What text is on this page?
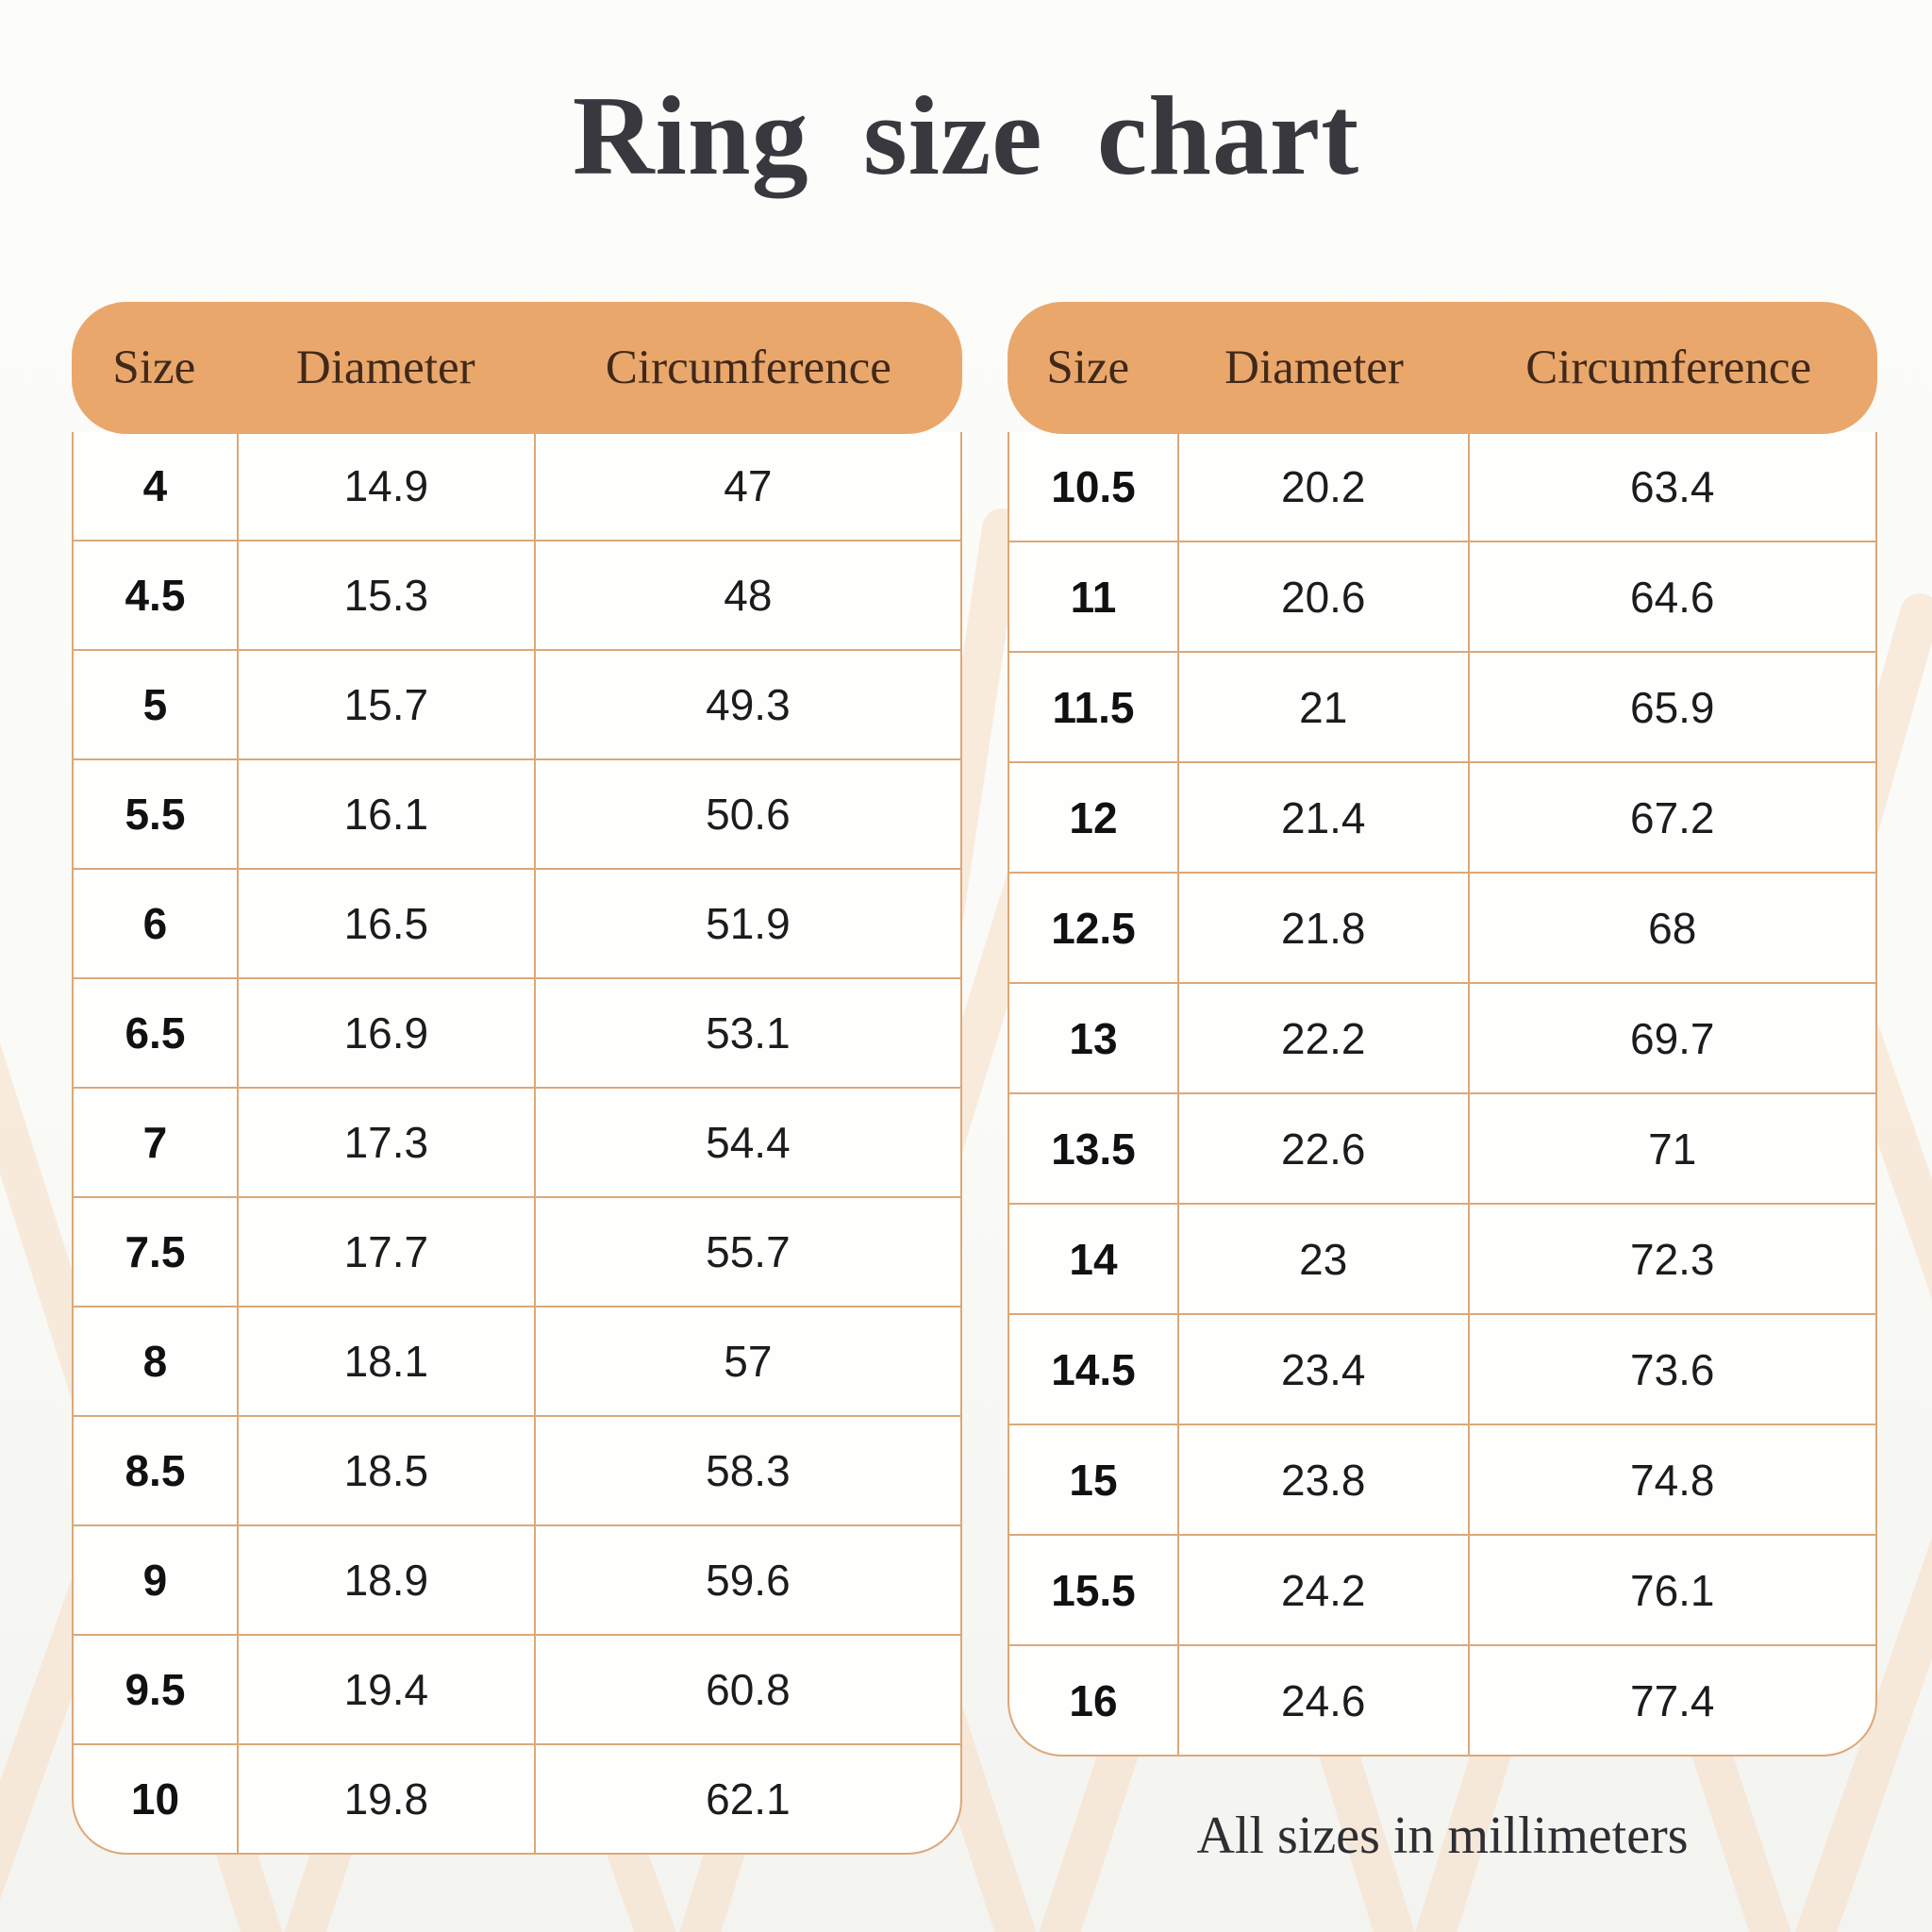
Ring size chart
Size	Diameter	Circumference
4	14.9	47
4.5	15.3	48
5	15.7	49.3
5.5	16.1	50.6
6	16.5	51.9
6.5	16.9	53.1
7	17.3	54.4
7.5	17.7	55.7
8	18.1	57
8.5	18.5	58.3
9	18.9	59.6
9.5	19.4	60.8
10	19.8	62.1
Size	Diameter	Circumference
10.5	20.2	63.4
11	20.6	64.6
11.5	21	65.9
12	21.4	67.2
12.5	21.8	68
13	22.2	69.7
13.5	22.6	71
14	23	72.3
14.5	23.4	73.6
15	23.8	74.8
15.5	24.2	76.1
16	24.6	77.4
All sizes in millimeters
